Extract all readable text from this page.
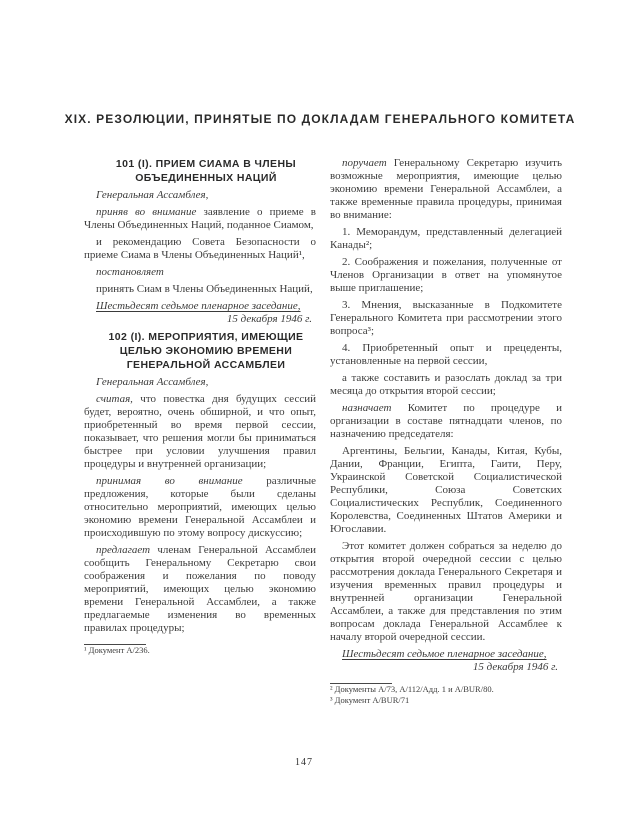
XIX. РЕЗОЛЮЦИИ, ПРИНЯТЫЕ ПО ДОКЛАДАМ ГЕНЕРАЛЬНОГО КОМИТЕТА

101 (I). ПРИЕМ СИАМА В ЧЛЕНЫ
ОБЪЕДИНЕННЫХ НАЦИЙ

Генеральная Ассамблея,

приняв во внимание заявление о приеме в Члены Объединенных Наций, поданное Сиамом,

и рекомендацию Совета Безопасности о приеме Сиама в Члены Объединенных Наций¹,

постановляет

принять Сиам в Члены Объединенных Наций,

Шестьдесят седьмое пленарное заседание,
15 декабря 1946 г.

102 (I). МЕРОПРИЯТИЯ, ИМЕЮЩИЕ
ЦЕЛЬЮ ЭКОНОМИЮ ВРЕМЕНИ
ГЕНЕРАЛЬНОЙ АССАМБЛЕИ

Генеральная Ассамблея,

считая, что повестка дня будущих сессий будет, вероятно, очень обширной, и что опыт, приобретенный во время первой сессии, показывает, что решения могли бы приниматься быстрее при условии улучшения правил процедуры и внутренней организации;

принимая во внимание различные предложения, которые были сделаны относительно мероприятий, имеющих целью экономию времени Генеральной Ассамблеи и происходившую по этому вопросу дискуссию;

предлагает членам Генеральной Ассамблеи сообщить Генеральному Секретарю свои соображения и пожелания по поводу мероприятий, имеющих целью экономию времени Генеральной Ассамблеи, а также предлагаемые изменения во временных правилах процедуры;

¹ Документ А/236.

поручает Генеральному Секретарю изучить возможные мероприятия, имеющие целью экономию времени Генеральной Ассамблеи, а также временные правила процедуры, принимая во внимание:

1. Меморандум, представленный делегацией Канады²;

2. Соображения и пожелания, полученные от Членов Организации в ответ на упомянутое выше приглашение;

3. Мнения, высказанные в Подкомитете Генерального Комитета при рассмотрении этого вопроса³;

4. Приобретенный опыт и прецеденты, установленные на первой сессии,

а также составить и разослать доклад за три месяца до открытия второй сессии;

назначает Комитет по процедуре и организации в составе пятнадцати членов, по назначению председателя:

Аргентины, Бельгии, Канады, Китая, Кубы, Дании, Франции, Египта, Гаити, Перу, Украинской Советской Социалистической Республики, Союза Советских Социалистических Республик, Соединенного Королевства, Соединенных Штатов Америки и Югославии.

Этот комитет должен собраться за неделю до открытия второй очередной сессии с целью рассмотрения доклада Генерального Секретаря и изучения временных правил процедуры и внутренней организации Генеральной Ассамблеи, а также для представления по этим вопросам доклада Генеральной Ассамблее к началу второй очередной сессии.

Шестьдесят седьмое пленарное заседание,
15 декабря 1946 г.

² Документы А/73, А/112/Адд. 1 и А/BUR/80.
³ Документ А/BUR/71
147
